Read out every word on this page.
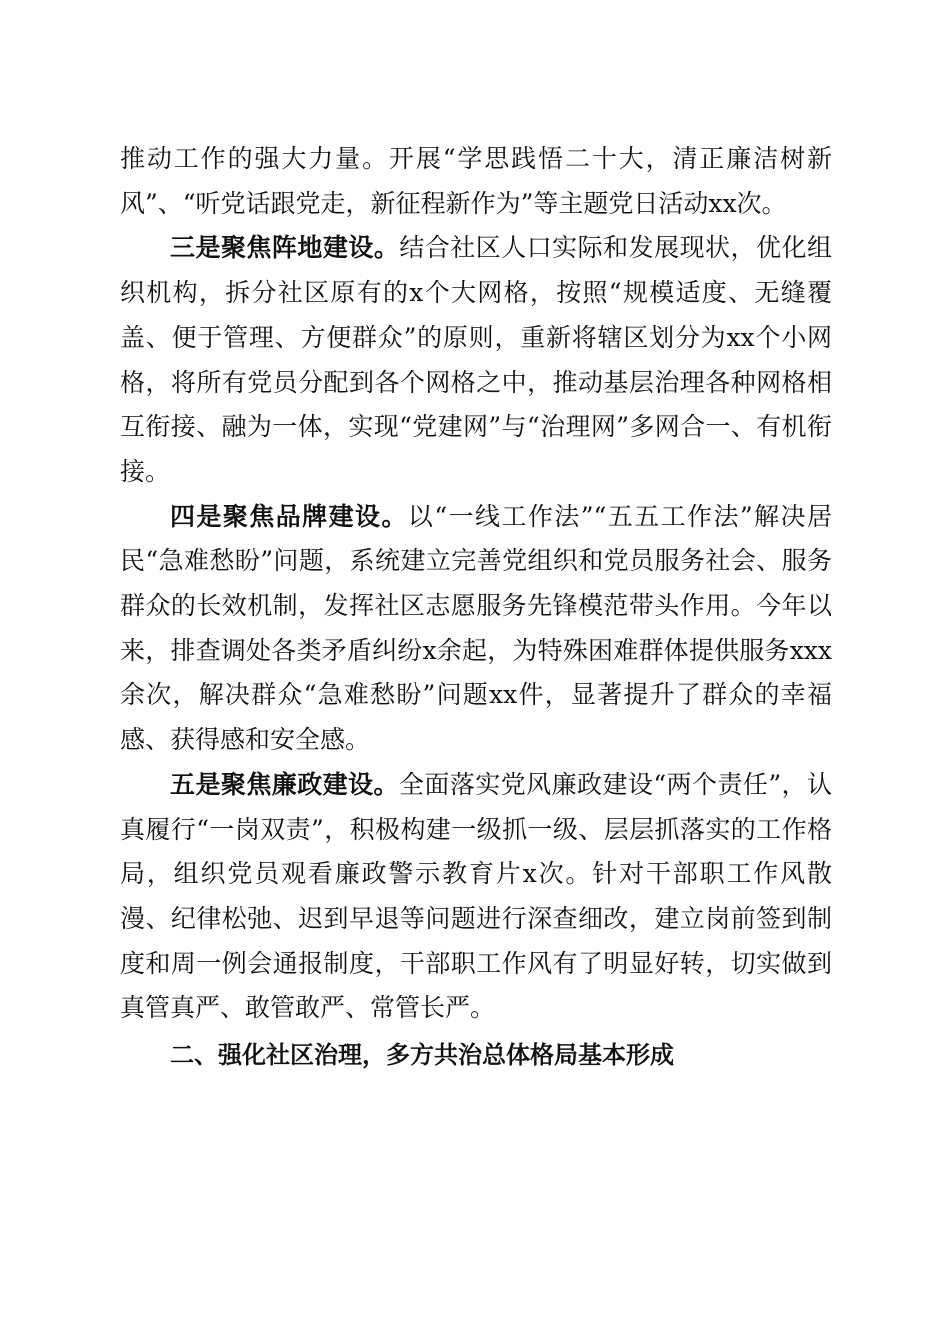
推动工作的强大力量。开展“学思践悟二十大，清正廉洁树新风”、“听党话跟党走，新征程新作为”等主题党日活动xx次。

三是聚焦阵地建设。结合社区人口实际和发展现状，优化组织机构，拆分社区原有的x个大网格，按照“规模适度、无缝覆盖、便于管理、方便群众”的原则，重新将辖区划分为xx个小网格，将所有党员分配到各个网格之中，推动基层治理各种网格相互衔接、融为一体，实现“党建网”与“治理网”多网合一、有机衔接。

四是聚焦品牌建设。以“一线工作法”“五五工作法”解决居民“急难愁盼”问题，系统建立完善党组织和党员服务社会、服务群众的长效机制，发挥社区志愿服务先锋模范带头作用。今年以来，排查调处各类矛盾纠纷x余起，为特殊困难群体提供服务xxx余次，解决群众“急难愁盼”问题xx件，显著提升了群众的幸福感、获得感和安全感。

五是聚焦廉政建设。全面落实党风廉政建设“两个责任”，认真履行“一岗双责”，积极构建一级抓一级、层层抓落实的工作格局，组织党员观看廉政警示教育片x次。针对干部职工作风散漫、纪律松弛、迟到早退等问题进行深查细改，建立岗前签到制度和周一例会通报制度，干部职工作风有了明显好转，切实做到真管真严、敢管敢严、常管长严。

二、强化社区治理，多方共治总体格局基本形成
